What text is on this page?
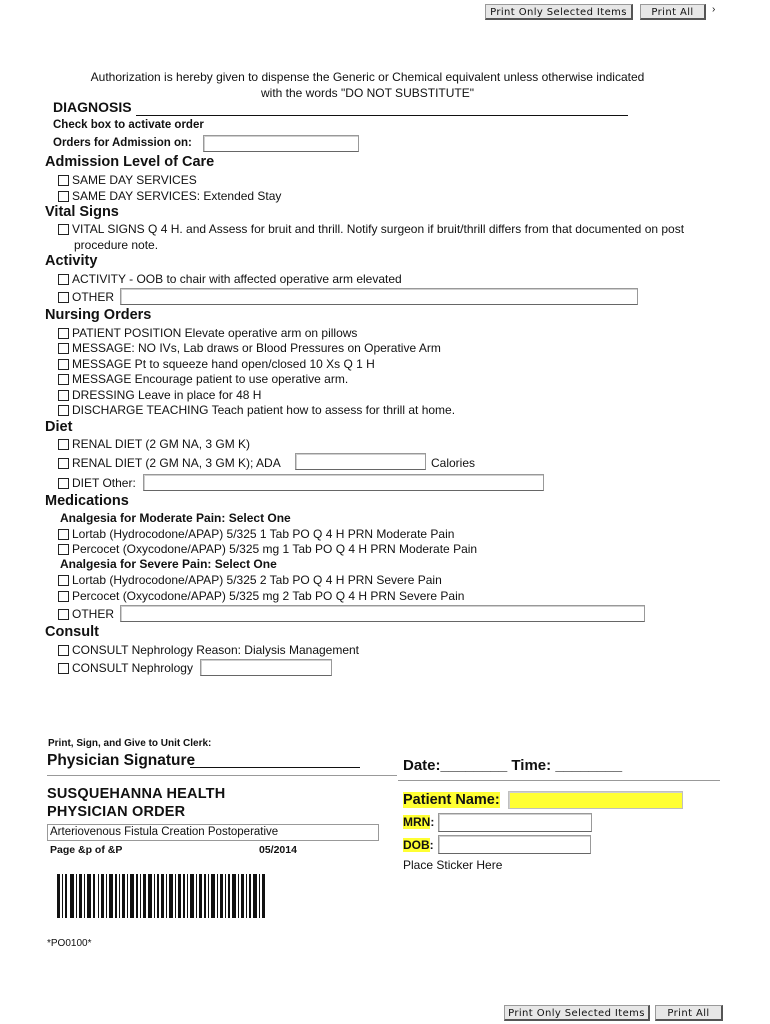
Print Only Selected Items	Print All	›
Authorization is hereby given to dispense the Generic or Chemical equivalent unless otherwise indicated
with the words "DO NOT SUBSTITUTE"
DIAGNOSIS
Check box to activate order
Orders for Admission on:
Admission Level of Care
SAME DAY SERVICES
SAME DAY SERVICES: Extended Stay
Vital Signs
VITAL SIGNS Q 4 H. and Assess for bruit and thrill. Notify surgeon if bruit/thrill differs from that documented on post
procedure note.
Activity
ACTIVITY - OOB to chair with affected operative arm elevated
OTHER
Nursing Orders
PATIENT POSITION Elevate operative arm on pillows
MESSAGE: NO IVs, Lab draws or Blood Pressures on Operative Arm
MESSAGE Pt to squeeze hand open/closed 10 Xs Q 1 H
MESSAGE Encourage patient to use operative arm.
DRESSING Leave in place for 48 H
DISCHARGE TEACHING Teach patient how to assess for thrill at home.
Diet
RENAL DIET (2 GM NA, 3 GM K)
RENAL DIET (2 GM NA, 3 GM K); ADA	Calories
DIET Other:
Medications
Analgesia for Moderate Pain: Select One
Lortab (Hydrocodone/APAP) 5/325 1 Tab PO Q 4 H PRN Moderate Pain
Percocet (Oxycodone/APAP) 5/325 mg 1 Tab PO Q 4 H PRN Moderate Pain
Analgesia for Severe Pain: Select One
Lortab (Hydrocodone/APAP) 5/325 2 Tab PO Q 4 H PRN Severe Pain
Percocet (Oxycodone/APAP) 5/325 mg 2 Tab PO Q 4 H PRN Severe Pain
OTHER
Consult
CONSULT Nephrology Reason: Dialysis Management
CONSULT Nephrology
Print, Sign, and Give to Unit Clerk:
Physician Signature	Date:________ Time: ________
SUSQUEHANNA HEALTH
PHYSICIAN ORDER
Arteriovenous Fistula Creation Postoperative
Page &p of &P	05/2014
Patient Name:
MRN:
DOB:
Place Sticker Here
*PO0100*
Print Only Selected Items	Print All
